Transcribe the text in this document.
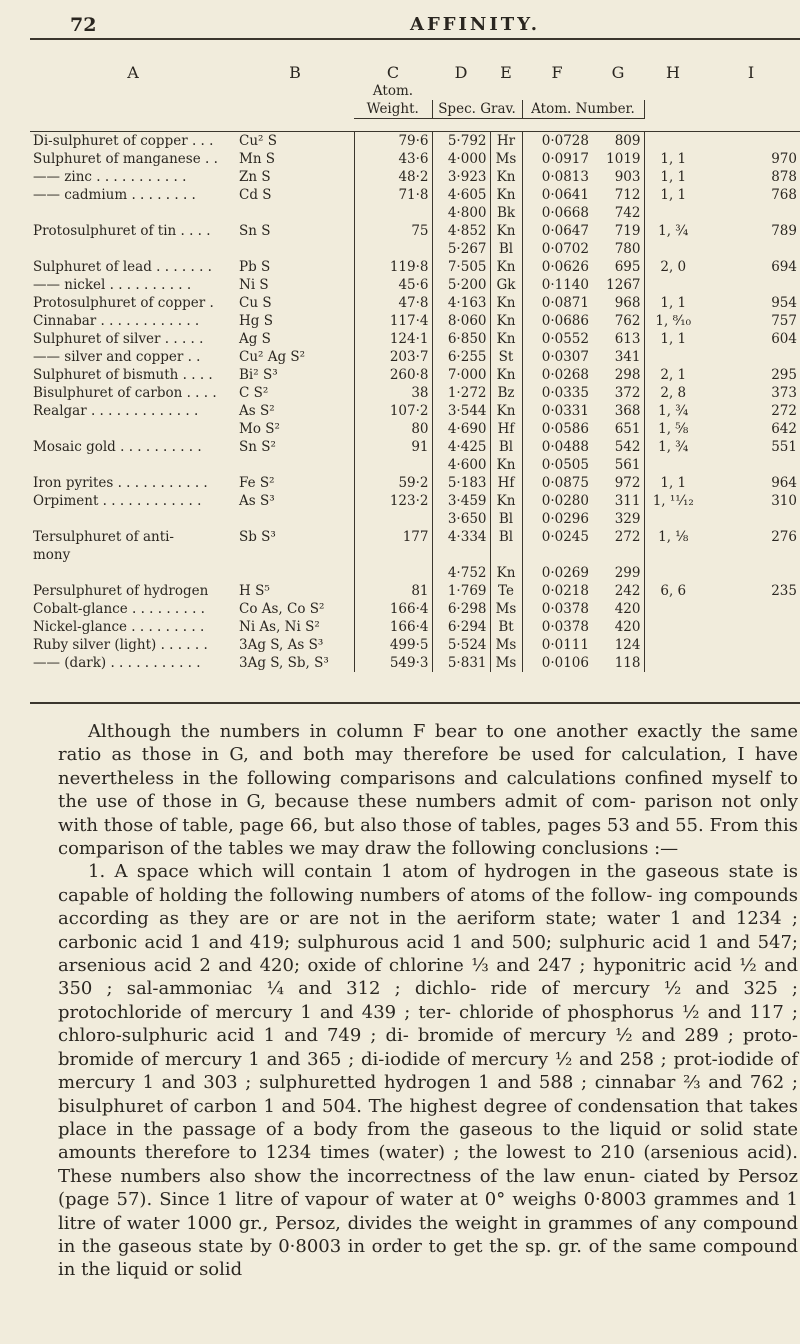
72	AFFINITY.
A	B	C	D	E	F	G	H	I
		Atom.						
		Weight.	Spec. Grav.		Atom. Number.			

Di-sulphuret of copper . . .	Cu² S	79·6	5·792	Hr	0·0728	809		
Sulphuret of manganese . .	Mn S	43·6	4·000	Ms	0·0917	1019	1, 1	970
—— zinc . . . . . . . . . . .	Zn S	48·2	3·923	Kn	0·0813	903	1, 1	878
—— cadmium . . . . . . . .	Cd S	71·8	4·605	Kn	0·0641	712	1, 1	768
			4·800	Bk	0·0668	742		
Protosulphuret of tin . . . .	Sn S	75	4·852	Kn	0·0647	719	1, ¾	789
			5·267	Bl	0·0702	780		
Sulphuret of lead . . . . . . .	Pb S	119·8	7·505	Kn	0·0626	695	2, 0	694
—— nickel . . . . . . . . . .	Ni S	45·6	5·200	Gk	0·1140	1267		
Protosulphuret of copper .	Cu S	47·8	4·163	Kn	0·0871	968	1, 1	954
Cinnabar . . . . . . . . . . . .	Hg S	117·4	8·060	Kn	0·0686	762	1, ⁸⁄₁₀	757
Sulphuret of silver . . . . .	Ag S	124·1	6·850	Kn	0·0552	613	1, 1	604
—— silver and copper . .	Cu² Ag S²	203·7	6·255	St	0·0307	341		
Sulphuret of bismuth . . . .	Bi² S³	260·8	7·000	Kn	0·0268	298	2, 1	295
Bisulphuret of carbon . . . .	C S²	38	1·272	Bz	0·0335	372	2, 8	373
Realgar . . . . . . . . . . . . .	As S²	107·2	3·544	Kn	0·0331	368	1, ¾	272
	Mo S²	80	4·690	Hf	0·0586	651	1, ⅝	642
Mosaic gold . . . . . . . . . .	Sn S²	91	4·425	Bl	0·0488	542	1, ¾	551
			4·600	Kn	0·0505	561		
Iron pyrites . . . . . . . . . . .	Fe S²	59·2	5·183	Hf	0·0875	972	1, 1	964
Orpiment . . . . . . . . . . . .	As S³	123·2	3·459	Kn	0·0280	311	1, ¹¹⁄₁₂	310
			3·650	Bl	0·0296	329		
Tersulphuret of anti-	Sb S³	177	4·334	Bl	0·0245	272	1, ⅛	276
mony								
			4·752	Kn	0·0269	299		
Persulphuret of hydrogen	H S⁵	81	1·769	Te	0·0218	242	6, 6	235
Cobalt-glance . . . . . . . . .	Co As, Co S²	166·4	6·298	Ms	0·0378	420		
Nickel-glance . . . . . . . . .	Ni As, Ni S²	166·4	6·294	Bt	0·0378	420		
Ruby silver (light) . . . . . .	3Ag S, As S³	499·5	5·524	Ms	0·0111	124		
—— (dark) . . . . . . . . . . .	3Ag S, Sb, S³	549·3	5·831	Ms	0·0106	118		

Although the numbers in column F bear to one another exactly the same ratio as those in G, and both may therefore be used for calculation, I have nevertheless in the following comparisons and calculations confined myself to the use of those in G, because these numbers admit of com- parison not only with those of table, page 66, but also those of tables, pages 53 and 55. From this comparison of the tables we may draw the following conclusions :—

1. A space which will contain 1 atom of hydrogen in the gaseous state is capable of holding the following numbers of atoms of the follow- ing compounds according as they are or are not in the aeriform state; water 1 and 1234 ; carbonic acid 1 and 419; sulphurous acid 1 and 500; sulphuric acid 1 and 547; arsenious acid 2 and 420; oxide of chlorine ⅓ and 247 ; hyponitric acid ½ and 350 ; sal-ammoniac ¼ and 312 ; dichlo- ride of mercury ½ and 325 ; protochloride of mercury 1 and 439 ; ter- chloride of phosphorus ½ and 117 ; chloro-sulphuric acid 1 and 749 ; di- bromide of mercury ½ and 289 ; proto-bromide of mercury 1 and 365 ; di-iodide of mercury ½ and 258 ; prot-iodide of mercury 1 and 303 ; sulphuretted hydrogen 1 and 588 ; cinnabar ⅔ and 762 ; bisulphuret of carbon 1 and 504. The highest degree of condensation that takes place in the passage of a body from the gaseous to the liquid or solid state amounts therefore to 1234 times (water) ; the lowest to 210 (arsenious acid). These numbers also show the incorrectness of the law enun- ciated by Persoz (page 57). Since 1 litre of vapour of water at 0° weighs 0·8003 grammes and 1 litre of water 1000 gr., Persoz, divides the weight in grammes of any compound in the gaseous state by 0·8003 in order to get the sp. gr. of the same compound in the liquid or solid
